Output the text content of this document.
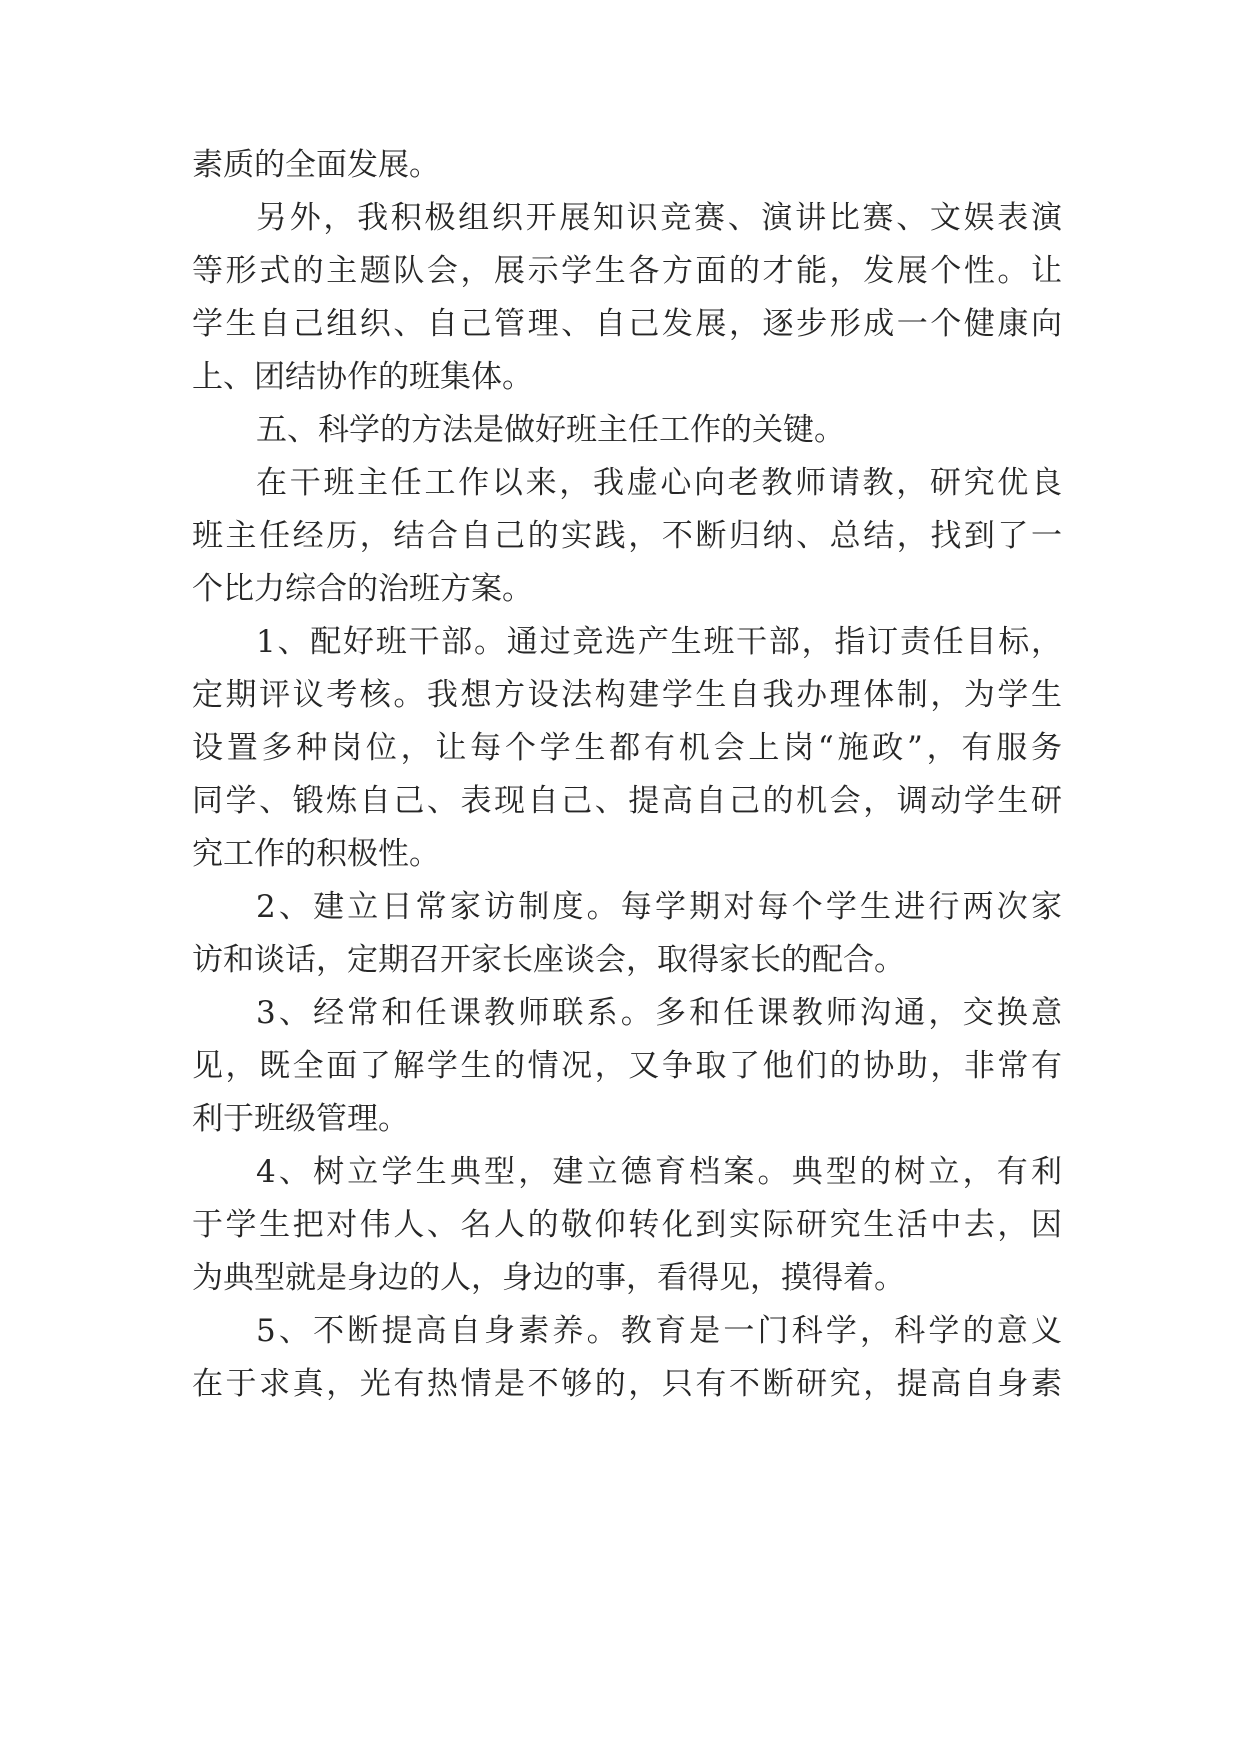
素质的全面发展。
另外，我积极组织开展知识竞赛、演讲比赛、文娱表演
等形式的主题队会，展示学生各方面的才能，发展个性。让
学生自己组织、自己管理、自己发展，逐步形成一个健康向
上、团结协作的班集体。
五、科学的方法是做好班主任工作的关键。
在干班主任工作以来，我虚心向老教师请教，研究优良
班主任经历，结合自己的实践，不断归纳、总结，找到了一
个比力综合的治班方案。
1、配好班干部。通过竞选产生班干部，指订责任目标，
定期评议考核。我想方设法构建学生自我办理体制，为学生
设置多种岗位，让每个学生都有机会上岗“施政”，有服务
同学、锻炼自己、表现自己、提高自己的机会，调动学生研
究工作的积极性。
2、建立日常家访制度。每学期对每个学生进行两次家
访和谈话，定期召开家长座谈会，取得家长的配合。
3、经常和任课教师联系。多和任课教师沟通，交换意
见，既全面了解学生的情况，又争取了他们的协助，非常有
利于班级管理。
4、树立学生典型，建立德育档案。典型的树立，有利
于学生把对伟人、名人的敬仰转化到实际研究生活中去，因
为典型就是身边的人，身边的事，看得见，摸得着。
5、不断提高自身素养。教育是一门科学，科学的意义
在于求真，光有热情是不够的，只有不断研究，提高自身素
